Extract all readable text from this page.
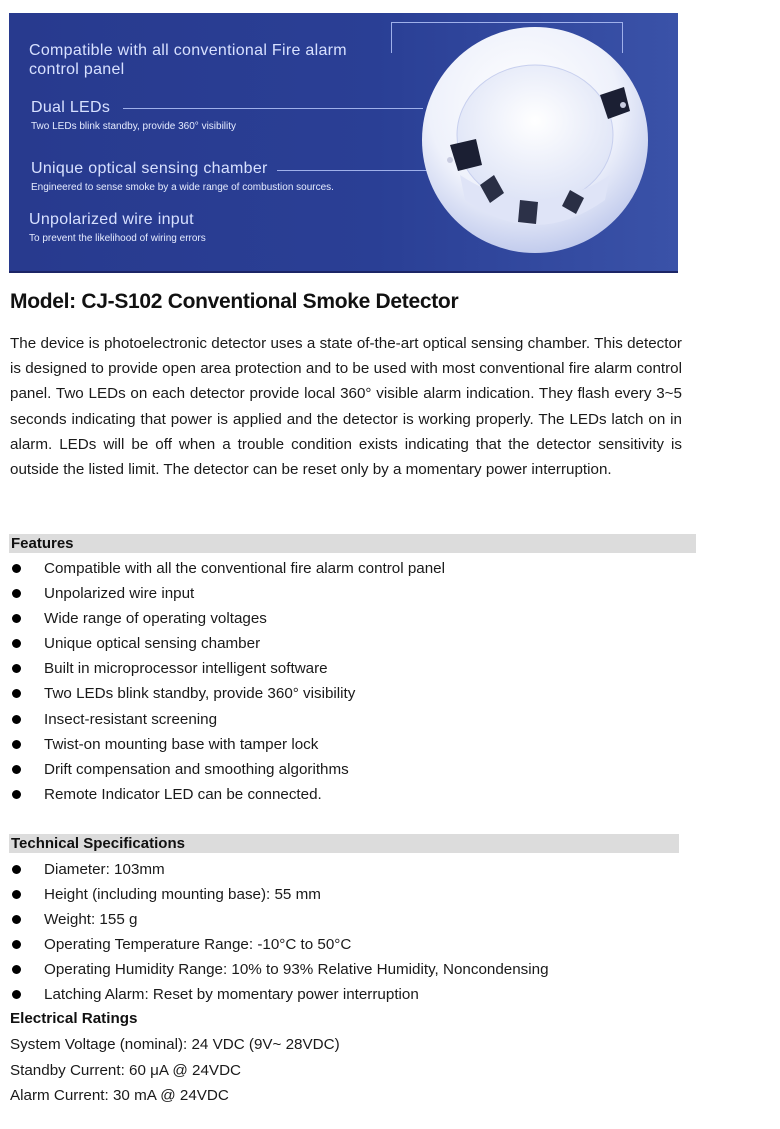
Compatible with all conventional Fire alarm control panel
Dual LEDs
Two LEDs blink standby, provide 360° visibility
Unique optical sensing chamber
Engineered to sense smoke by a wide range of combustion sources.
Unpolarized wire input
To prevent the likelihood of wiring errors
Model: CJ-S102 Conventional Smoke Detector
The device is photoelectronic detector uses a state of-the-art optical sensing chamber. This detector is designed to provide open area protection and to be used with most conventional fire alarm control panel. Two LEDs on each detector provide local 360° visible alarm indication. They flash every 3~5 seconds indicating that power is applied and the detector is working properly. The LEDs latch on in alarm. LEDs will be off when a trouble condition exists indicating that the detector sensitivity is outside the listed limit. The detector can be reset only by a momentary power interruption.
Features
Compatible with all the conventional fire alarm control panel
Unpolarized wire input
Wide range of operating voltages
Unique optical sensing chamber
Built in microprocessor intelligent software
Two LEDs blink standby, provide 360° visibility
Insect-resistant screening
Twist-on mounting base with tamper lock
Drift compensation and smoothing algorithms
Remote Indicator LED can be connected.
Technical Specifications
Diameter: 103mm
Height (including mounting base): 55 mm
Weight: 155 g
Operating Temperature Range: -10°C to 50°C
Operating Humidity Range: 10% to 93% Relative Humidity, Noncondensing
Latching Alarm: Reset by momentary power interruption
Electrical Ratings
System Voltage (nominal): 24 VDC (9V~ 28VDC)
Standby Current: 60 μA @ 24VDC
Alarm Current: 30 mA @ 24VDC
